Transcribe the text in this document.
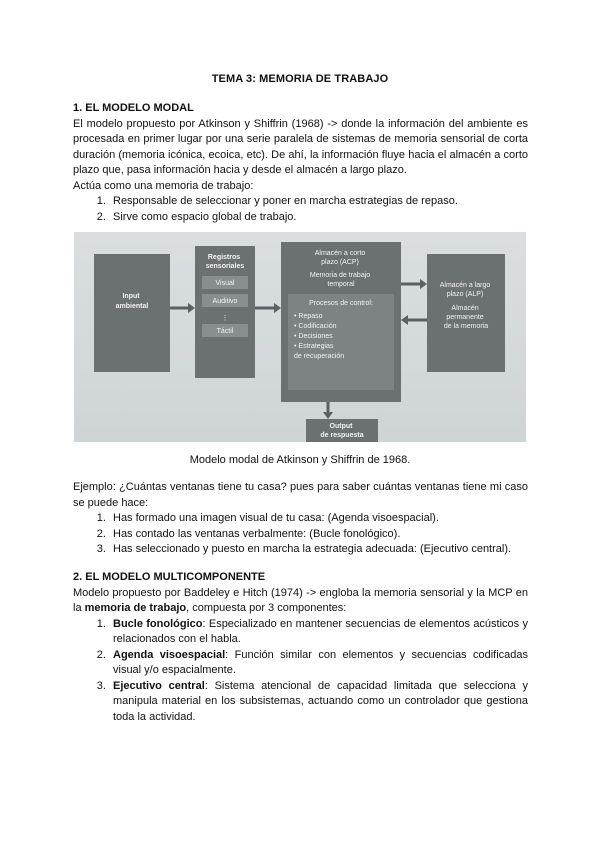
TEMA 3: MEMORIA DE TRABAJO
1. EL MODELO MODAL

El modelo propuesto por Atkinson y Shiffrin (1968) -> donde la información del ambiente es procesada en primer lugar por una serie paralela de sistemas de memoria sensorial de corta duración (memoria icónica, ecoica, etc). De ahí, la información fluye hacia el almacén a corto plazo que, pasa información hacia y desde el almacén a largo plazo.

Actúa como una memoria de trabajo:

1. Responsable de seleccionar y poner en marcha estrategias de repaso.
2. Sirve como espacio global de trabajo.
Input ambiental
Registros sensoriales
Visual
Auditivo
⋮
Táctil
Almacén a corto plazo (ACP) Memoria de trabajo temporal
Procesos de control:
• Repaso • Codificación • Decisiones • Estrategias de recuperación
Almacén a largo plazo (ALP) Almacén permanente de la memoria
Output de respuesta
Modelo modal de Atkinson y Shiffrin de 1968.

Ejemplo: ¿Cuántas ventanas tiene tu casa? pues para saber cuántas ventanas tiene mi caso se puede hace:

1. Has formado una imagen visual de tu casa: (Agenda visoespacial).
2. Has contado las ventanas verbalmente: (Bucle fonológico).
3. Has seleccionado y puesto en marcha la estrategia adecuada: (Ejecutivo central).
2. EL MODELO MULTICOMPONENTE

Modelo propuesto por Baddeley e Hitch (1974) -> engloba la memoria sensorial y la MCP en la memoria de trabajo, compuesta por 3 componentes:

1. Bucle fonológico: Especializado en mantener secuencias de elementos acústicos y relacionados con el habla.
2. Agenda visoespacial: Función similar con elementos y secuencias codificadas visual y/o espacialmente.
3. Ejecutivo central: Sistema atencional de capacidad limitada que selecciona y manipula material en los subsistemas, actuando como un controlador que gestiona toda la actividad.
